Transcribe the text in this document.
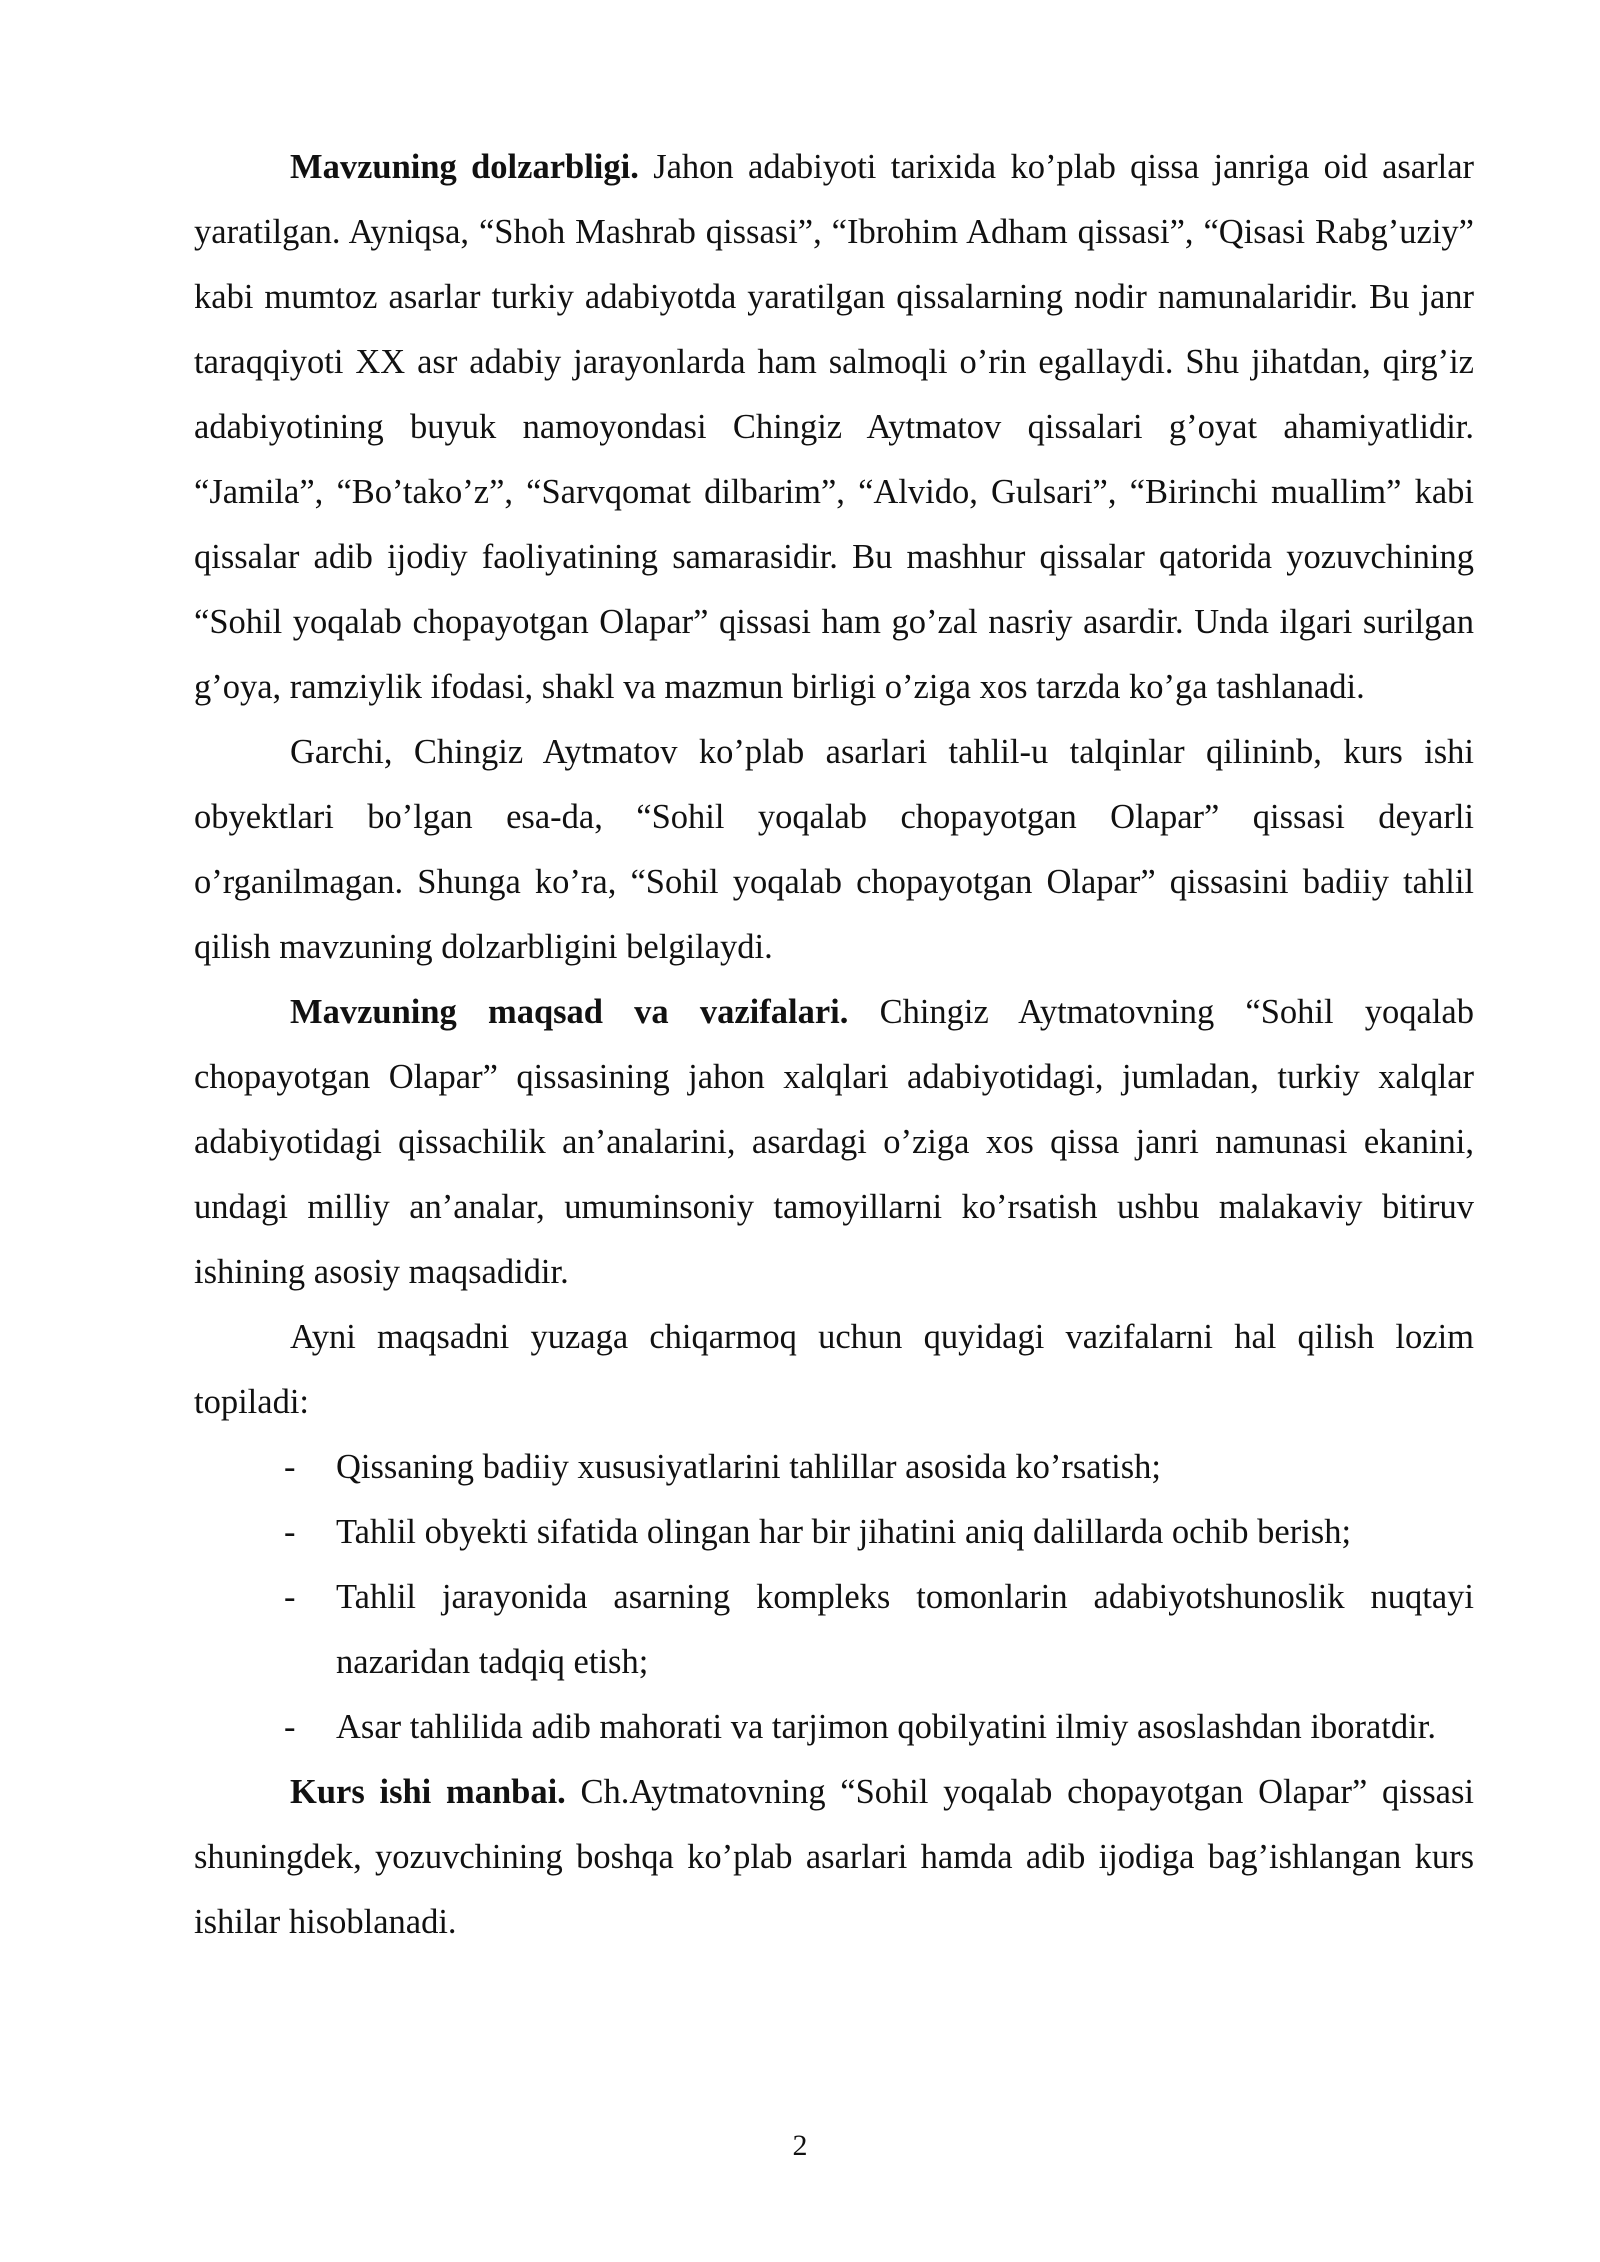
Mavzuning dolzarbligi. Jahon adabiyoti tarixida ko’plab qissa janriga oid asarlar yaratilgan. Ayniqsa, “Shoh Mashrab qissasi”, “Ibrohim Adham qissasi”, “Qisasi Rabg’uziy” kabi mumtoz asarlar turkiy adabiyotda yaratilgan qissalarning nodir namunalaridir. Bu janr taraqqiyoti XX asr adabiy jarayonlarda ham salmoqli o’rin egallaydi. Shu jihatdan, qirg’iz adabiyotining buyuk namoyondasi Chingiz Aytmatov qissalari g’oyat ahamiyatlidir. “Jamila”, “Bo’tako’z”, “Sarvqomat dilbarim”, “Alvido, Gulsari”, “Birinchi muallim” kabi qissalar adib ijodiy faoliyatining samarasidir. Bu mashhur qissalar qatorida yozuvchining “Sohil yoqalab chopayotgan Olapar” qissasi ham go’zal nasriy asardir. Unda ilgari surilgan g’oya, ramziylik ifodasi, shakl va mazmun birligi o’ziga xos tarzda ko’ga tashlanadi.

Garchi, Chingiz Aytmatov ko’plab asarlari tahlil-u talqinlar qilininb, kurs ishi obyektlari bo’lgan esa-da, “Sohil yoqalab chopayotgan Olapar” qissasi deyarli o’rganilmagan. Shunga ko’ra, “Sohil yoqalab chopayotgan Olapar” qissasini badiiy tahlil qilish mavzuning dolzarbligini belgilaydi.

Mavzuning maqsad va vazifalari. Chingiz Aytmatovning “Sohil yoqalab chopayotgan Olapar” qissasining jahon xalqlari adabiyotidagi, jumladan, turkiy xalqlar adabiyotidagi qissachilik an’analarini, asardagi o’ziga xos qissa janri namunasi ekanini, undagi milliy an’analar, umuminsoniy tamoyillarni ko’rsatish ushbu malakaviy bitiruv ishining asosiy maqsadidir.

Ayni maqsadni yuzaga chiqarmoq uchun quyidagi vazifalarni hal qilish lozim topiladi:

- Qissaning badiiy xususiyatlarini tahlillar asosida ko’rsatish;
- Tahlil obyekti sifatida olingan har bir jihatini aniq dalillarda ochib berish;
- Tahlil jarayonida asarning kompleks tomonlarin adabiyotshunoslik nuqtayi nazaridan tadqiq etish;
- Asar tahlilida adib mahorati va tarjimon qobilyatini ilmiy asoslashdan iboratdir.

Kurs ishi manbai. Ch.Aytmatovning “Sohil yoqalab chopayotgan Olapar” qissasi shuningdek, yozuvchining boshqa ko’plab asarlari hamda adib ijodiga bag’ishlangan kurs ishilar hisoblanadi.

2
